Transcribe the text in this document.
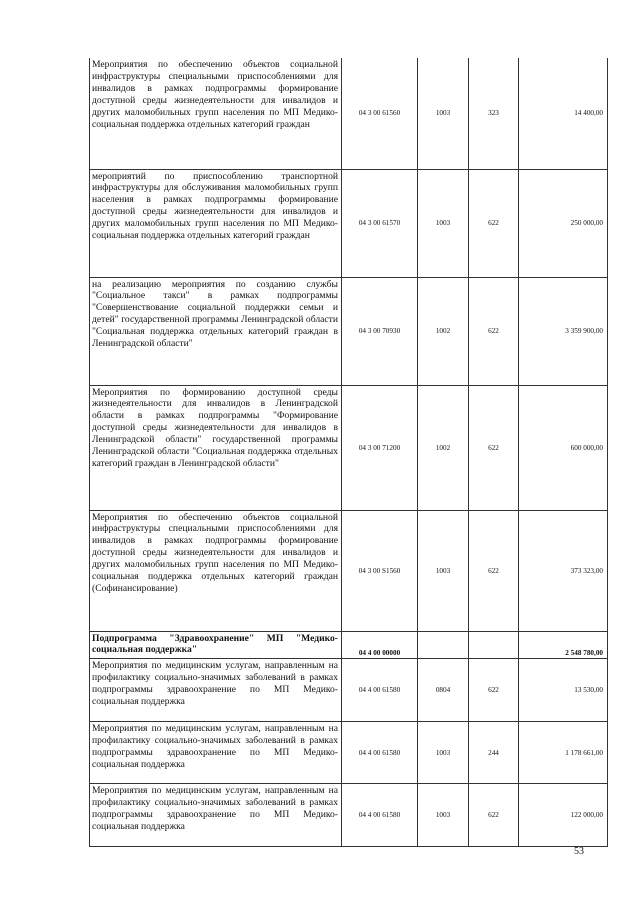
Мероприятия по обеспечению объектов социальной инфраструктуры специальными приспособлениями для инвалидов в рамках подпрограммы формирование доступной среды жизнедеятельности для инвалидов и других маломобильных групп населения по МП Медико-социальная поддержка отдельных категорий граждан	04 3 00 61560	1003	323	14 400,00
мероприятий по приспособлению транспортной инфраструктуры для обслуживания маломобильных групп населения в рамках подпрограммы формирование доступной среды жизнедеятельности для инвалидов и других маломобильных групп населения по МП Медико-социальная поддержка отдельных категорий граждан	04 3 00 61570	1003	622	250 000,00
на реализацию мероприятия по созданию службы "Социальное такси" в рамках подпрограммы "Совершенствование социальной поддержки семьи и детей" государственной программы Ленинградской области "Социальная поддержка отдельных категорий граждан в Ленинградской области"	04 3 00 70930	1002	622	3 359 900,00
Мероприятия по формированию доступной среды жизнедеятельности для инвалидов в Ленинградской области в рамках подпрограммы "Формирование доступной среды жизнедеятельности для инвалидов в Ленинградской области" государственной программы Ленинградской области "Социальная поддержка отдельных категорий граждан в Ленинградской области"	04 3 00 71200	1002	622	600 000,00
Мероприятия по обеспечению объектов социальной инфраструктуры специальными приспособлениями для инвалидов в рамках подпрограммы формирование доступной среды жизнедеятельности для инвалидов и других маломобильных групп населения по МП Медико-социальная поддержка отдельных категорий граждан (Софинансирование)	04 3 00 S1560	1003	622	373 323,00
Подпрограмма "Здравоохранение" МП "Медико-социальная поддержка"	04 4 00 00000			2 548 780,00
Мероприятия по медицинским услугам, направленным на профилактику социально-значимых заболеваний в рамках подпрограммы здравоохранение по МП Медико-социальная поддержка	04 4 00 61580	0804	622	13 530,00
Мероприятия по медицинским услугам, направленным на профилактику социально-значимых заболеваний в рамках подпрограммы здравоохранение по МП Медико-социальная поддержка	04 4 00 61580	1003	244	1 178 661,00
Мероприятия по медицинским услугам, направленным на профилактику социально-значимых заболеваний в рамках подпрограммы здравоохранение по МП Медико-социальная поддержка	04 4 00 61580	1003	622	122 000,00
53
